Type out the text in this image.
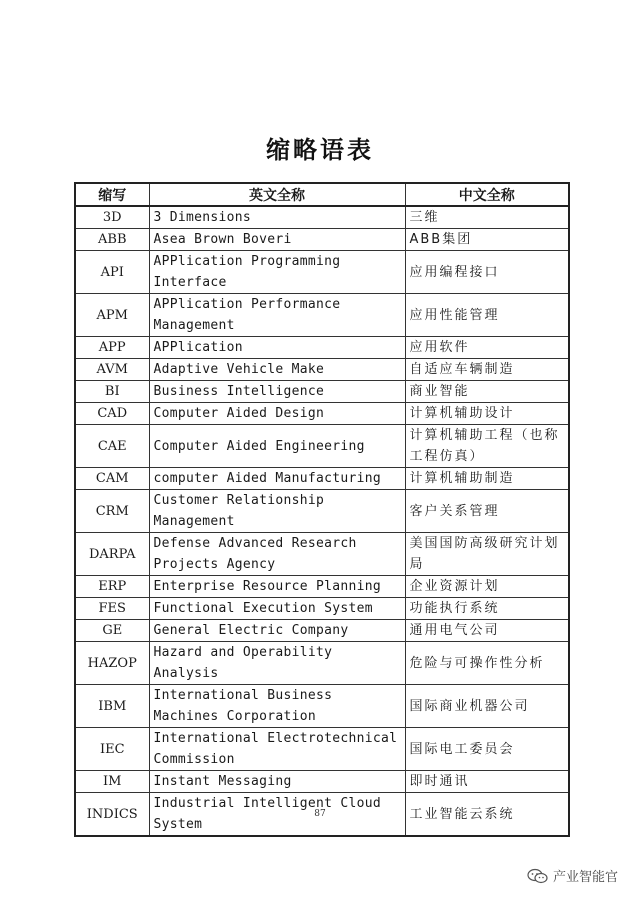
缩略语表
缩写	英文全称	中文全称
3D	3 Dimensions	三维
ABB	Asea Brown Boveri	ABB集团
API	APPlication Programming Interface	应用编程接口
APM	APPlication Performance Management	应用性能管理
APP	APPlication	应用软件
AVM	Adaptive Vehicle Make	自适应车辆制造
BI	Business Intelligence	商业智能
CAD	Computer Aided Design	计算机辅助设计
CAE	Computer Aided Engineering	计算机辅助工程（也称工程仿真）
CAM	computer Aided Manufacturing	计算机辅助制造
CRM	Customer Relationship Management	客户关系管理
DARPA	Defense Advanced Research Projects Agency	美国国防高级研究计划局
ERP	Enterprise Resource Planning	企业资源计划
FES	Functional Execution System	功能执行系统
GE	General Electric Company	通用电气公司
HAZOP	Hazard and Operability Analysis	危险与可操作性分析
IBM	International Business Machines Corporation	国际商业机器公司
IEC	International Electrotechnical Commission	国际电工委员会
IM	Instant Messaging	即时通讯
INDICS	Industrial Intelligent Cloud System	工业智能云系统
87
产业智能官
